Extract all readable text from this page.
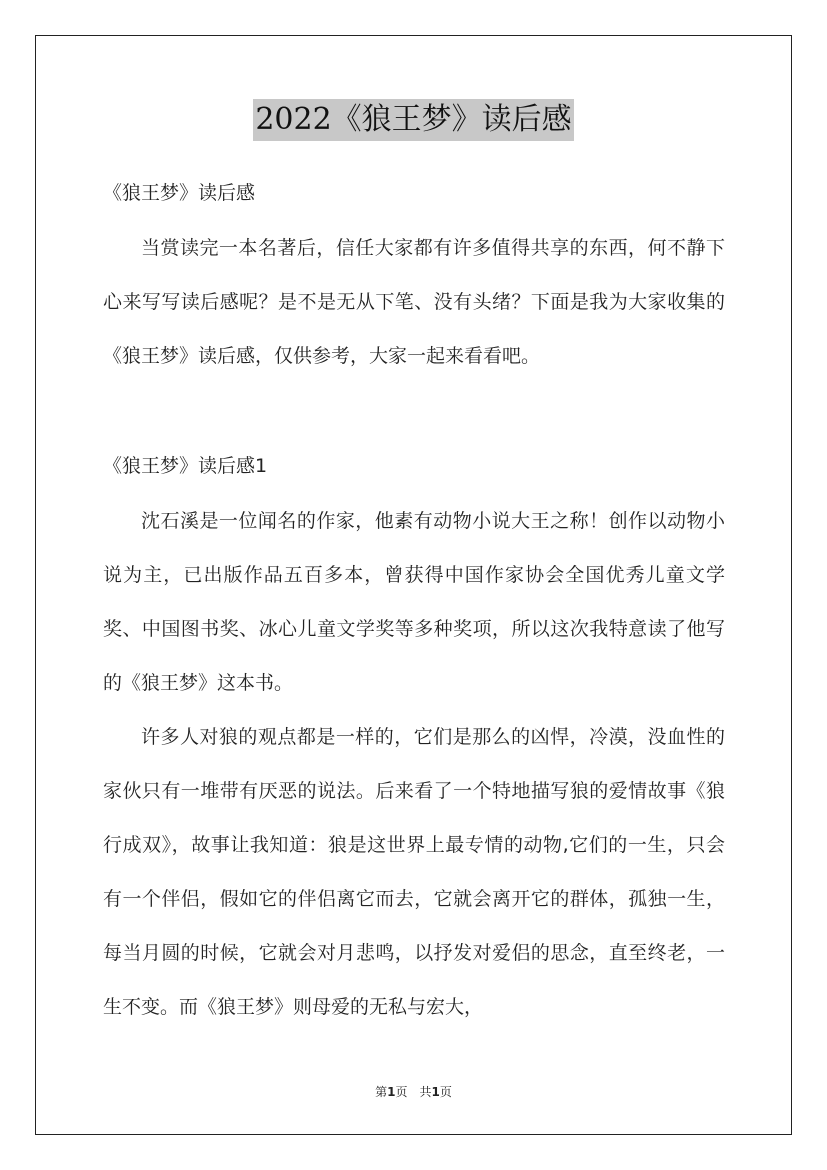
2022《狼王梦》读后感
《狼王梦》读后感

当赏读完一本名著后，信任大家都有许多值得共享的东西，何不静下心来写写读后感呢？是不是无从下笔、没有头绪？下面是我为大家收集的《狼王梦》读后感，仅供参考，大家一起来看看吧。

《狼王梦》读后感1

沈石溪是一位闻名的作家，他素有动物小说大王之称！创作以动物小说为主，已出版作品五百多本，曾获得中国作家协会全国优秀儿童文学奖、中国图书奖、冰心儿童文学奖等多种奖项，所以这次我特意读了他写的《狼王梦》这本书。

许多人对狼的观点都是一样的，它们是那么的凶悍，冷漠，没血性的家伙只有一堆带有厌恶的说法。后来看了一个特地描写狼的爱情故事《狼行成双》，故事让我知道：狼是这世界上最专情的动物,它们的一生，只会有一个伴侣，假如它的伴侣离它而去，它就会离开它的群体，孤独一生，每当月圆的时候，它就会对月悲鸣，以抒发对爱侣的思念，直至终老，一生不变。而《狼王梦》则母爱的无私与宏大，

第1页　共1页
